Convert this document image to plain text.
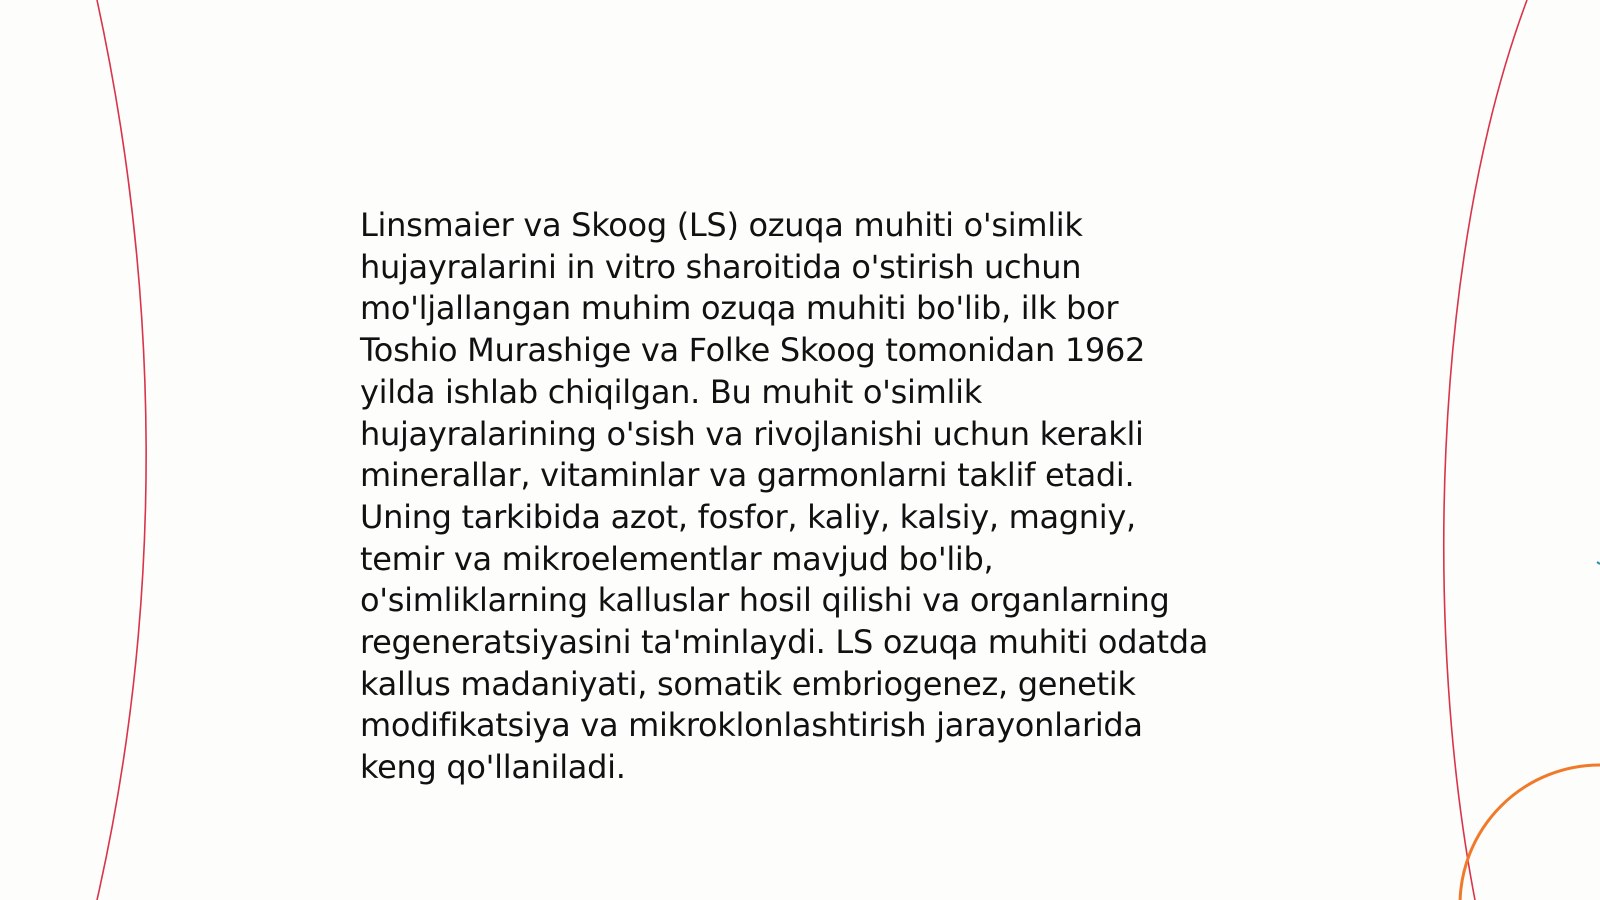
Linsmaier va Skoog (LS) ozuqa muhiti o'simlik
hujayralarini in vitro sharoitida o'stirish uchun
mo'ljallangan muhim ozuqa muhiti bo'lib, ilk bor
Toshio Murashige va Folke Skoog tomonidan 1962
yilda ishlab chiqilgan. Bu muhit o'simlik
hujayralarining o'sish va rivojlanishi uchun kerakli
minerallar, vitaminlar va garmonlarni taklif etadi.
Uning tarkibida azot, fosfor, kaliy, kalsiy, magniy,
temir va mikroelementlar mavjud bo'lib,
o'simliklarning kalluslar hosil qilishi va organlarning
regeneratsiyasini ta'minlaydi. LS ozuqa muhiti odatda
kallus madaniyati, somatik embriogenez, genetik
modifikatsiya va mikroklonlashtirish jarayonlarida
keng qo'llaniladi.
